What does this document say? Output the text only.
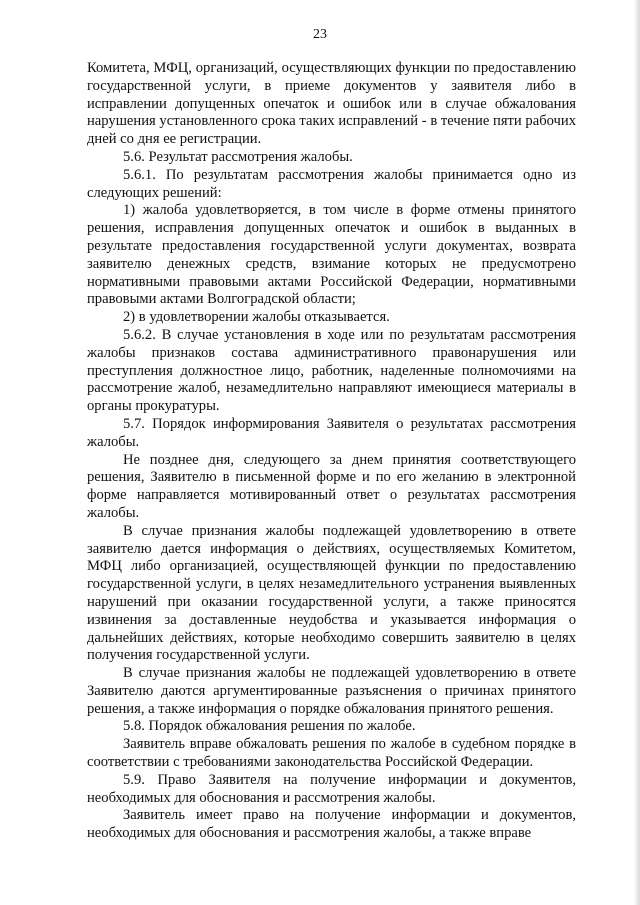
23

Комитета, МФЦ, организаций, осуществляющих функции по предоставлению государственной услуги, в приеме документов у заявителя либо в исправлении допущенных опечаток и ошибок или в случае обжалования нарушения установленного срока таких исправлений - в течение пяти рабочих дней со дня ее регистрации.

5.6. Результат рассмотрения жалобы.

5.6.1. По результатам рассмотрения жалобы принимается одно из следующих решений:

1) жалоба удовлетворяется, в том числе в форме отмены принятого решения, исправления допущенных опечаток и ошибок в выданных в результате предоставления государственной услуги документах, возврата заявителю денежных средств, взимание которых не предусмотрено нормативными правовыми актами Российской Федерации, нормативными правовыми актами Волгоградской области;

2) в удовлетворении жалобы отказывается.

5.6.2. В случае установления в ходе или по результатам рассмотрения жалобы признаков состава административного правонарушения или преступления должностное лицо, работник, наделенные полномочиями на рассмотрение жалоб, незамедлительно направляют имеющиеся материалы в органы прокуратуры.

5.7. Порядок информирования Заявителя о результатах рассмотрения жалобы.

Не позднее дня, следующего за днем принятия соответствующего решения, Заявителю в письменной форме и по его желанию в электронной форме направляется мотивированный ответ о результатах рассмотрения жалобы.

В случае признания жалобы подлежащей удовлетворению в ответе заявителю дается информация о действиях, осуществляемых Комитетом, МФЦ либо организацией, осуществляющей функции по предоставлению государственной услуги, в целях незамедлительного устранения выявленных нарушений при оказании государственной услуги, а также приносятся извинения за доставленные неудобства и указывается информация о дальнейших действиях, которые необходимо совершить заявителю в целях получения государственной услуги.

В случае признания жалобы не подлежащей удовлетворению в ответе Заявителю даются аргументированные разъяснения о причинах принятого решения, а также информация о порядке обжалования принятого решения.

5.8. Порядок обжалования решения по жалобе.

Заявитель вправе обжаловать решения по жалобе в судебном порядке в соответствии с требованиями законодательства Российской Федерации.

5.9. Право Заявителя на получение информации и документов, необходимых для обоснования и рассмотрения жалобы.

Заявитель имеет право на получение информации и документов, необходимых для обоснования и рассмотрения жалобы, а также вправе
